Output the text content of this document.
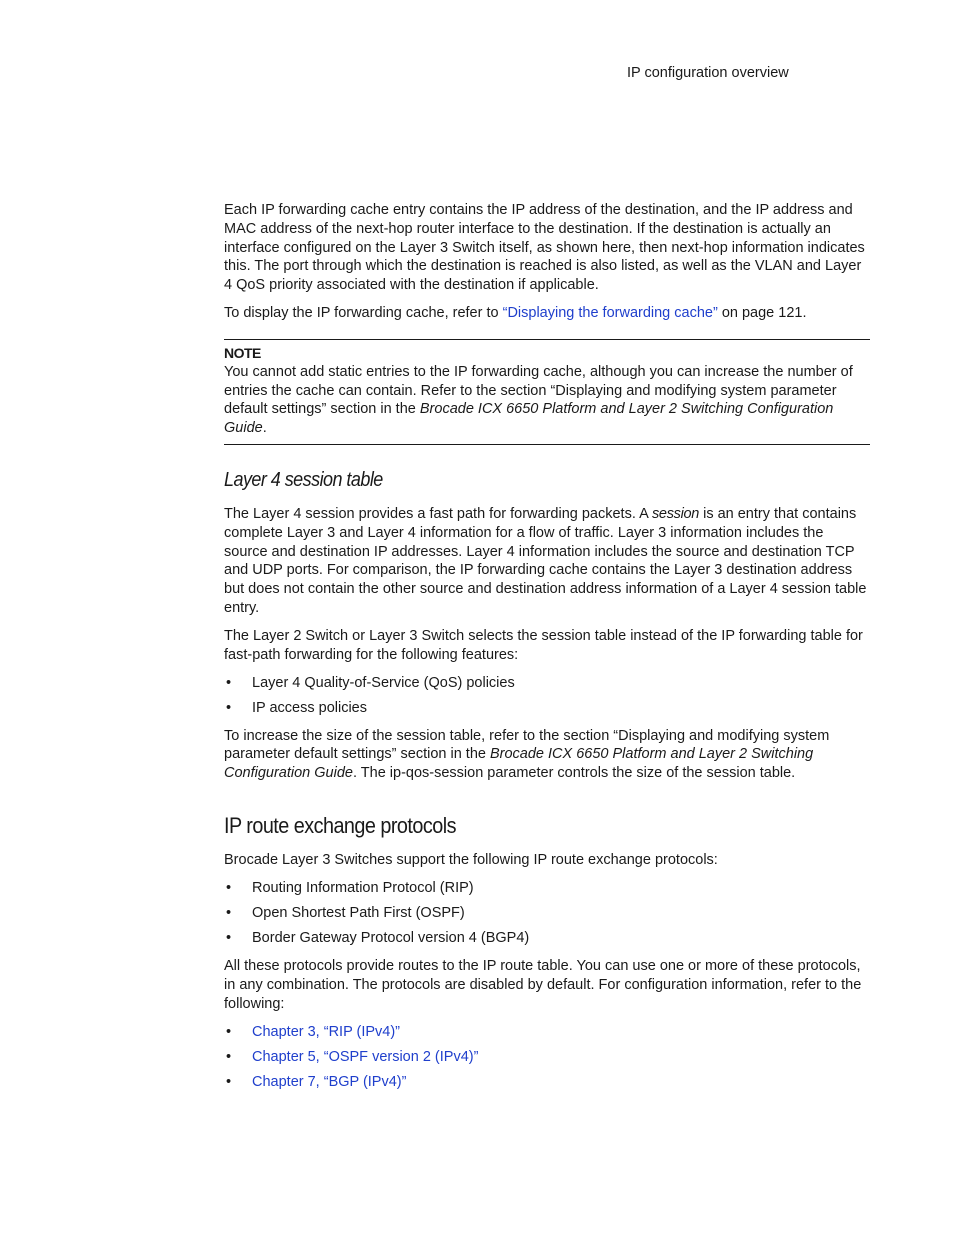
IP configuration overview

Each IP forwarding cache entry contains the IP address of the destination, and the IP address and MAC address of the next-hop router interface to the destination. If the destination is actually an interface configured on the Layer 3 Switch itself, as shown here, then next-hop information indicates this. The port through which the destination is reached is also listed, as well as the VLAN and Layer 4 QoS priority associated with the destination if applicable.

To display the IP forwarding cache, refer to “Displaying the forwarding cache” on page 121.

NOTE

You cannot add static entries to the IP forwarding cache, although you can increase the number of entries the cache can contain. Refer to the section “Displaying and modifying system parameter default settings” section in the Brocade ICX 6650 Platform and Layer 2 Switching Configuration Guide.

Layer 4 session table

The Layer 4 session provides a fast path for forwarding packets. A session is an entry that contains complete Layer 3 and Layer 4 information for a flow of traffic. Layer 3 information includes the source and destination IP addresses. Layer 4 information includes the source and destination TCP and UDP ports. For comparison, the IP forwarding cache contains the Layer 3 destination address but does not contain the other source and destination address information of a Layer 4 session table entry.

The Layer 2 Switch or Layer 3 Switch selects the session table instead of the IP forwarding table for fast-path forwarding for the following features:

• Layer 4 Quality-of-Service (QoS) policies
• IP access policies

To increase the size of the session table, refer to the section “Displaying and modifying system parameter default settings” section in the Brocade ICX 6650 Platform and Layer 2 Switching Configuration Guide. The ip-qos-session parameter controls the size of the session table.

IP route exchange protocols

Brocade Layer 3 Switches support the following IP route exchange protocols:

• Routing Information Protocol (RIP)
• Open Shortest Path First (OSPF)
• Border Gateway Protocol version 4 (BGP4)

All these protocols provide routes to the IP route table. You can use one or more of these protocols, in any combination. The protocols are disabled by default. For configuration information, refer to the following:

• Chapter 3, “RIP (IPv4)”
• Chapter 5, “OSPF version 2 (IPv4)”
• Chapter 7, “BGP (IPv4)”
